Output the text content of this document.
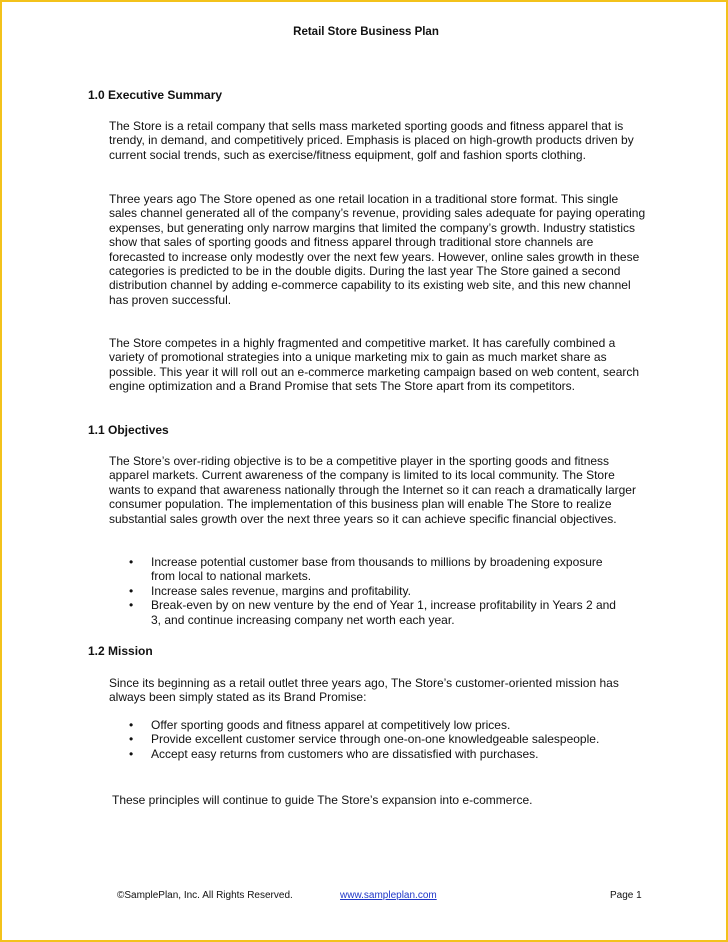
Retail Store Business Plan
1.0 Executive Summary

The Store is a retail company that sells mass marketed sporting goods and fitness apparel that is trendy, in demand, and competitively priced. Emphasis is placed on high-growth products driven by current social trends, such as exercise/fitness equipment, golf and fashion sports clothing.

Three years ago The Store opened as one retail location in a traditional store format. This single sales channel generated all of the company’s revenue, providing sales adequate for paying operating expenses, but generating only narrow margins that limited the company’s growth. Industry statistics show that sales of sporting goods and fitness apparel through traditional store channels are forecasted to increase only modestly over the next few years. However, online sales growth in these categories is predicted to be in the double digits. During the last year The Store gained a second distribution channel by adding e-commerce capability to its existing web site, and this new channel has proven successful.

The Store competes in a highly fragmented and competitive market. It has carefully combined a variety of promotional strategies into a unique marketing mix to gain as much market share as possible. This year it will roll out an e-commerce marketing campaign based on web content, search engine optimization and a Brand Promise that sets The Store apart from its competitors.

1.1 Objectives

The Store’s over-riding objective is to be a competitive player in the sporting goods and fitness apparel markets. Current awareness of the company is limited to its local community. The Store wants to expand that awareness nationally through the Internet so it can reach a dramatically larger consumer population. The implementation of this business plan will enable The Store to realize substantial sales growth over the next three years so it can achieve specific financial objectives.

• Increase potential customer base from thousands to millions by broadening exposure from local to national markets.
• Increase sales revenue, margins and profitability.
• Break-even by on new venture by the end of Year 1, increase profitability in Years 2 and 3, and continue increasing company net worth each year.
1.2 Mission

Since its beginning as a retail outlet three years ago, The Store’s customer-oriented mission has always been simply stated as its Brand Promise:

• Offer sporting goods and fitness apparel at competitively low prices.
• Provide excellent customer service through one-on-one knowledgeable salespeople.
• Accept easy returns from customers who are dissatisfied with purchases.

These principles will continue to guide The Store’s expansion into e-commerce.

©SamplePlan, Inc. All Rights Reserved.	www.sampleplan.com	Page 1
